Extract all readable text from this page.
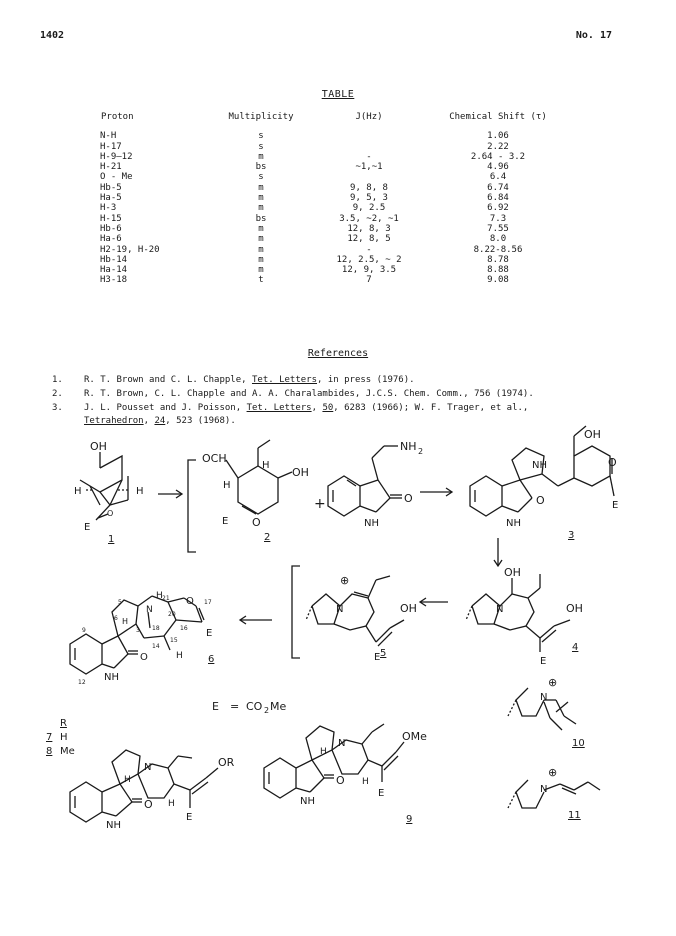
1402	No. 17
TABLE
Proton	Multiplicity	J(Hz)	Chemical Shift (τ)
N-H	s		1.06
H-17	s		2.22
H-9—12	m	-	2.64 - 3.2
H-21	bs	~1,~1	4.96
O - Me	s		6.4
Hb-5	m	9, 8, 8	6.74
Ha-5	m	9, 5, 3	6.84
H-3	m	9, 2.5	6.92
H-15	bs	3.5, ~2, ~1	7.3
Hb-6	m	12, 8, 3	7.55
Ha-6	m	12, 8, 5	8.0
H2-19, H-20	m	-	8.22-8.56
Hb-14	m	12, 2.5, ~ 2	8.78
Ha-14	m	12, 9, 3.5	8.88
H3-18	t	7	9.08
References
1. R. T. Brown and C. L. Chapple, Tet. Letters, in press (1976).
2. R. T. Brown, C. L. Chapple and A. A. Charalambides, J.C.S. Chem. Comm., 756 (1974).
3. J. L. Pousset and J. Poisson, Tet. Letters, 50, 6283 (1966); W. F. Trager, et al.,
Tetrahedron, 24, 523 (1968).
OH
H	H
O
E
1
OCH
H
H
OH
O
E
2
+
NH 2
O
NH
NH
OH
O
E
O
NH
3
OH
N	OH
E
4
⊕
N	OH
E 5
N
O
H
H
H
E
O
NH
5
6
9
12
21
20
17
3
14
15
18	16
6
E = CO 2 Me
R
7 H
8 Me
N	OR
H
H
E
O
NH
N
OMe
H
H
E
O
NH
9
⊕
N
10
⊕
N
11
